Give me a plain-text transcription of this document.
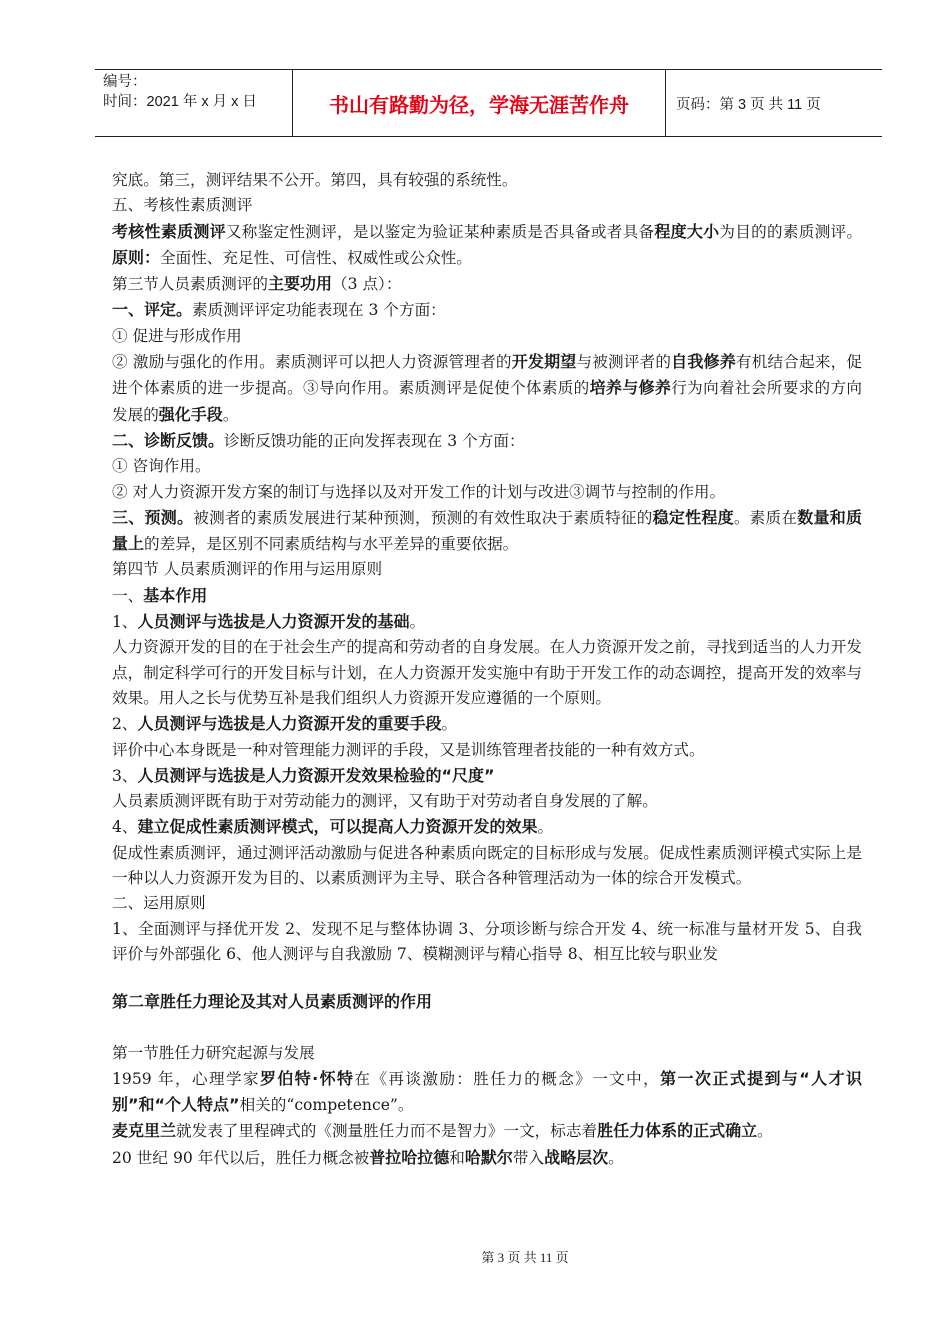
编号：
时间：2021 年 x 月 x 日	书山有路勤为径，学海无涯苦作舟	页码：第 3 页 共 11 页

究底。第三，测评结果不公开。第四，具有较强的系统性。

五、考核性素质测评

考核性素质测评又称鉴定性测评，是以鉴定为验证某种素质是否具备或者具备程度大小为目的的素质测评。原则：全面性、充足性、可信性、权威性或公众性。

第三节人员素质测评的主要功用（3 点）：

一、评定。素质测评评定功能表现在 3 个方面：

① 促进与形成作用

② 激励与强化的作用。素质测评可以把人力资源管理者的开发期望与被测评者的自我修养有机结合起来，促进个体素质的进一步提高。③导向作用。素质测评是促使个体素质的培养与修养行为向着社会所要求的方向发展的强化手段。

二、诊断反馈。诊断反馈功能的正向发挥表现在 3 个方面：

① 咨询作用。

② 对人力资源开发方案的制订与选择以及对开发工作的计划与改进③调节与控制的作用。

三、预测。被测者的素质发展进行某种预测，预测的有效性取决于素质特征的稳定性程度。素质在数量和质量上的差异，是区别不同素质结构与水平差异的重要依据。

第四节 人员素质测评的作用与运用原则

一、基本作用

1、人员测评与选拔是人力资源开发的基础。

人力资源开发的目的在于社会生产的提高和劳动者的自身发展。在人力资源开发之前，寻找到适当的人力开发点，制定科学可行的开发目标与计划，在人力资源开发实施中有助于开发工作的动态调控，提高开发的效率与效果。用人之长与优势互补是我们组织人力资源开发应遵循的一个原则。

2、人员测评与选拔是人力资源开发的重要手段。

评价中心本身既是一种对管理能力测评的手段，又是训练管理者技能的一种有效方式。

3、人员测评与选拔是人力资源开发效果检验的“尺度”

人员素质测评既有助于对劳动能力的测评，又有助于对劳动者自身发展的了解。

4、建立促成性素质测评模式，可以提高人力资源开发的效果。

促成性素质测评，通过测评活动激励与促进各种素质向既定的目标形成与发展。促成性素质测评模式实际上是一种以人力资源开发为目的、以素质测评为主导、联合各种管理活动为一体的综合开发模式。

二、运用原则

1、全面测评与择优开发 2、发现不足与整体协调 3、分项诊断与综合开发 4、统一标准与量材开发 5、自我评价与外部强化 6、他人测评与自我激励 7、模糊测评与精心指导 8、相互比较与职业发

第二章胜任力理论及其对人员素质测评的作用

第一节胜任力研究起源与发展

1959 年，心理学家罗伯特·怀特在《再谈激励：胜任力的概念》一文中，第一次正式提到与“人才识别”和“个人特点”相关的“competence”。

麦克里兰就发表了里程碑式的《测量胜任力而不是智力》一文，标志着胜任力体系的正式确立。

20 世纪 90 年代以后，胜任力概念被普拉哈拉德和哈默尔带入战略层次。

第 3 页 共 11 页
